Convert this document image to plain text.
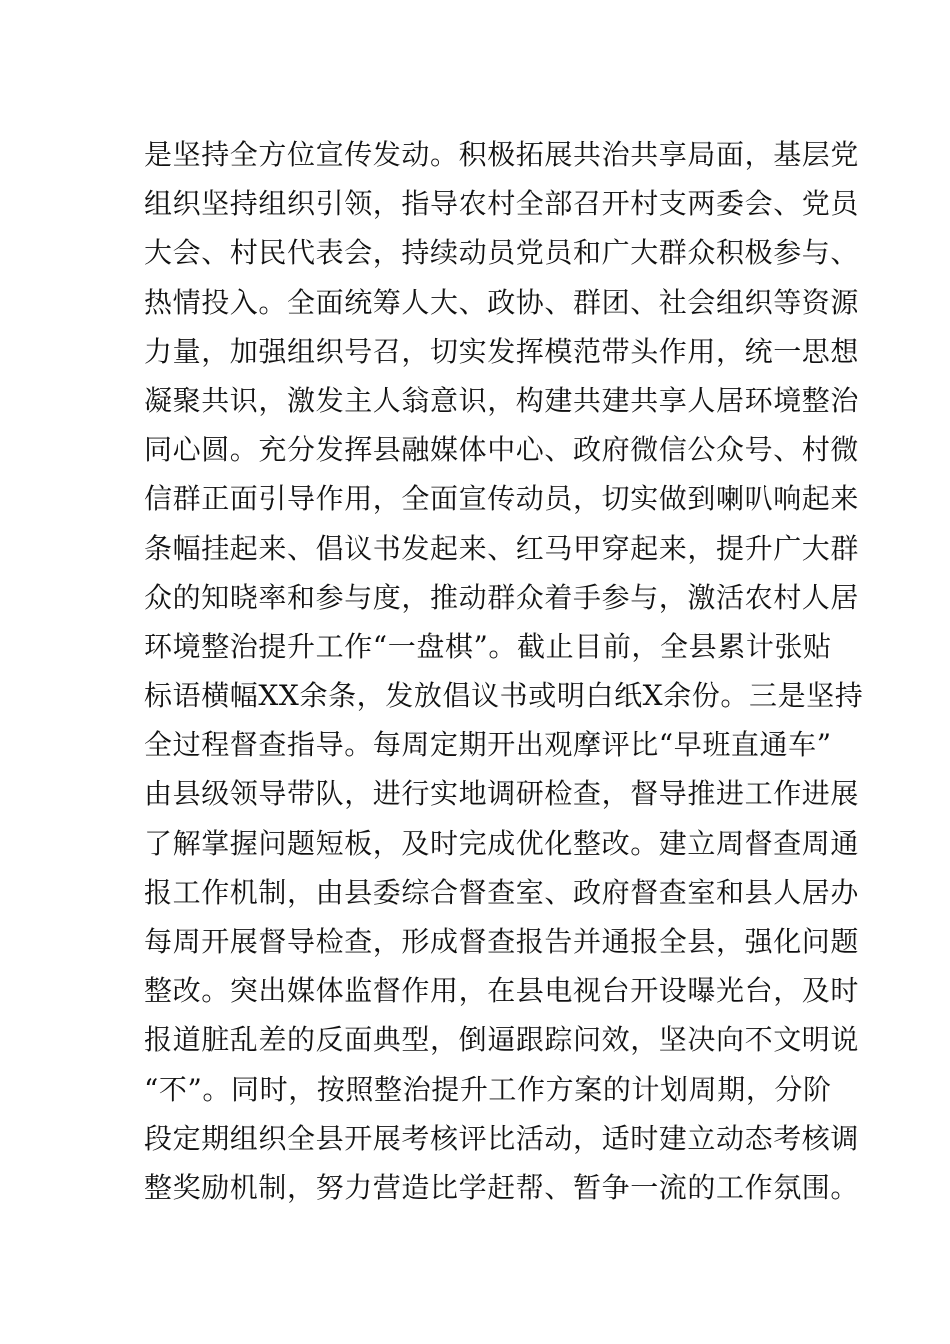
是坚持全方位宣传发动。积极拓展共治共享局面，基层党
组织坚持组织引领，指导农村全部召开村支两委会、党员
大会、村民代表会，持续动员党员和广大群众积极参与、
热情投入。全面统筹人大、政协、群团、社会组织等资源
力量，加强组织号召，切实发挥模范带头作用，统一思想
凝聚共识，激发主人翁意识，构建共建共享人居环境整治
同心圆。充分发挥县融媒体中心、政府微信公众号、村微
信群正面引导作用，全面宣传动员，切实做到喇叭响起来
条幅挂起来、倡议书发起来、红马甲穿起来，提升广大群
众的知晓率和参与度，推动群众着手参与，激活农村人居
环境整治提升工作“一盘棋”。截止目前，全县累计张贴
标语横幅XX余条，发放倡议书或明白纸X余份。三是坚持
全过程督查指导。每周定期开出观摩评比“早班直通车”
由县级领导带队，进行实地调研检查，督导推进工作进展
了解掌握问题短板，及时完成优化整改。建立周督查周通
报工作机制，由县委综合督查室、政府督查室和县人居办
每周开展督导检查，形成督查报告并通报全县，强化问题
整改。突出媒体监督作用，在县电视台开设曝光台，及时
报道脏乱差的反面典型，倒逼跟踪问效，坚决向不文明说
“不”。同时，按照整治提升工作方案的计划周期，分阶
段定期组织全县开展考核评比活动，适时建立动态考核调
整奖励机制，努力营造比学赶帮、暂争一流的工作氛围。
